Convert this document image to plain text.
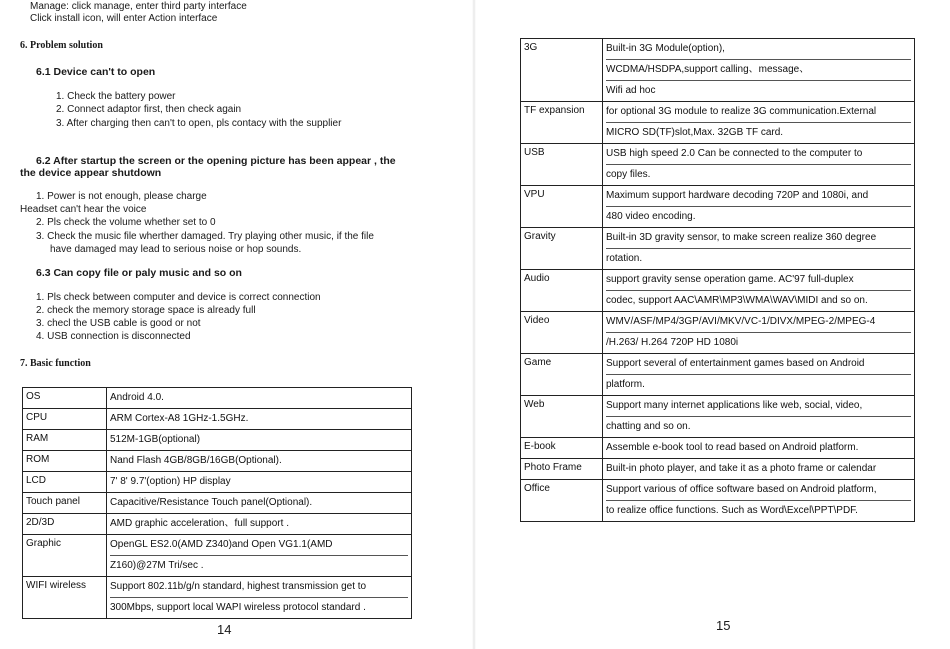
Manage: click manage, enter third party interface
Click install icon, will enter Action interface
6. Problem solution
6.1 Device can't to open
1. Check the battery power
2. Connect adaptor first, then check again
3. After charging then can't to open, pls contacy with the supplier
6.2 After startup the screen or the opening picture has been appear , the
the device appear shutdown
1. Power is not enough, please charge
Headset can't hear the voice
2. Pls check the volume whether set to 0
3. Check the music file wherther damaged. Try playing other music, if the file
have damaged may lead to serious noise or hop sounds.
6.3 Can copy file or paly music and so on
1. Pls check between computer and device is correct connection
2. check the memory storage space is already full
3. checl the USB cable is good or not
4. USB connection is disconnected
7. Basic function
OS	Android 4.0.

CPU	ARM Cortex-A8 1GHz-1.5GHz.

RAM	512M-1GB(optional)

ROM	Nand Flash 4GB/8GB/16GB(Optional).

LCD	7' 8' 9.7'(option) HP display

Touch panel	Capacitive/Resistance Touch panel(Optional).

2D/3D	AMD graphic acceleration、full support .

Graphic	OpenGL ES2.0(AMD Z340)and Open VG1.1(AMD
Z160)@27M Tri/sec .

WIFI wireless	Support 802.11b/g/n standard, highest transmission get to
300Mbps, support local WAPI wireless protocol standard .
14
3G	Built-in 3G Module(option),
WCDMA/HSDPA,support calling、message、
Wifi ad hoc

TF expansion	for optional 3G module to realize 3G communication.External
MICRO SD(TF)slot,Max. 32GB TF card.

USB	USB high speed 2.0 Can be connected to the computer to
copy files.

VPU	Maximum support hardware decoding 720P and 1080i, and
480 video encoding.

Gravity	Built-in 3D gravity sensor, to make screen realize 360 degree
rotation.

Audio	support gravity sense operation game. AC'97 full-duplex
codec, support AAC\AMR\MP3\WMA\WAV\MIDI and so on.

Video	WMV/ASF/MP4/3GP/AVI/MKV/VC-1/DIVX/MPEG-2/MPEG-4
/H.263/ H.264 720P HD 1080i

Game	Support several of entertainment games based on Android
platform.

Web	Support many internet applications like web, social, video,
chatting and so on.

E-book	Assemble e-book tool to read based on Android platform.

Photo Frame	Built-in photo player, and take it as a photo frame or calendar

Office	Support various of office software based on Android platform,
to realize office functions. Such as Word\Excel\PPT\PDF.
15
